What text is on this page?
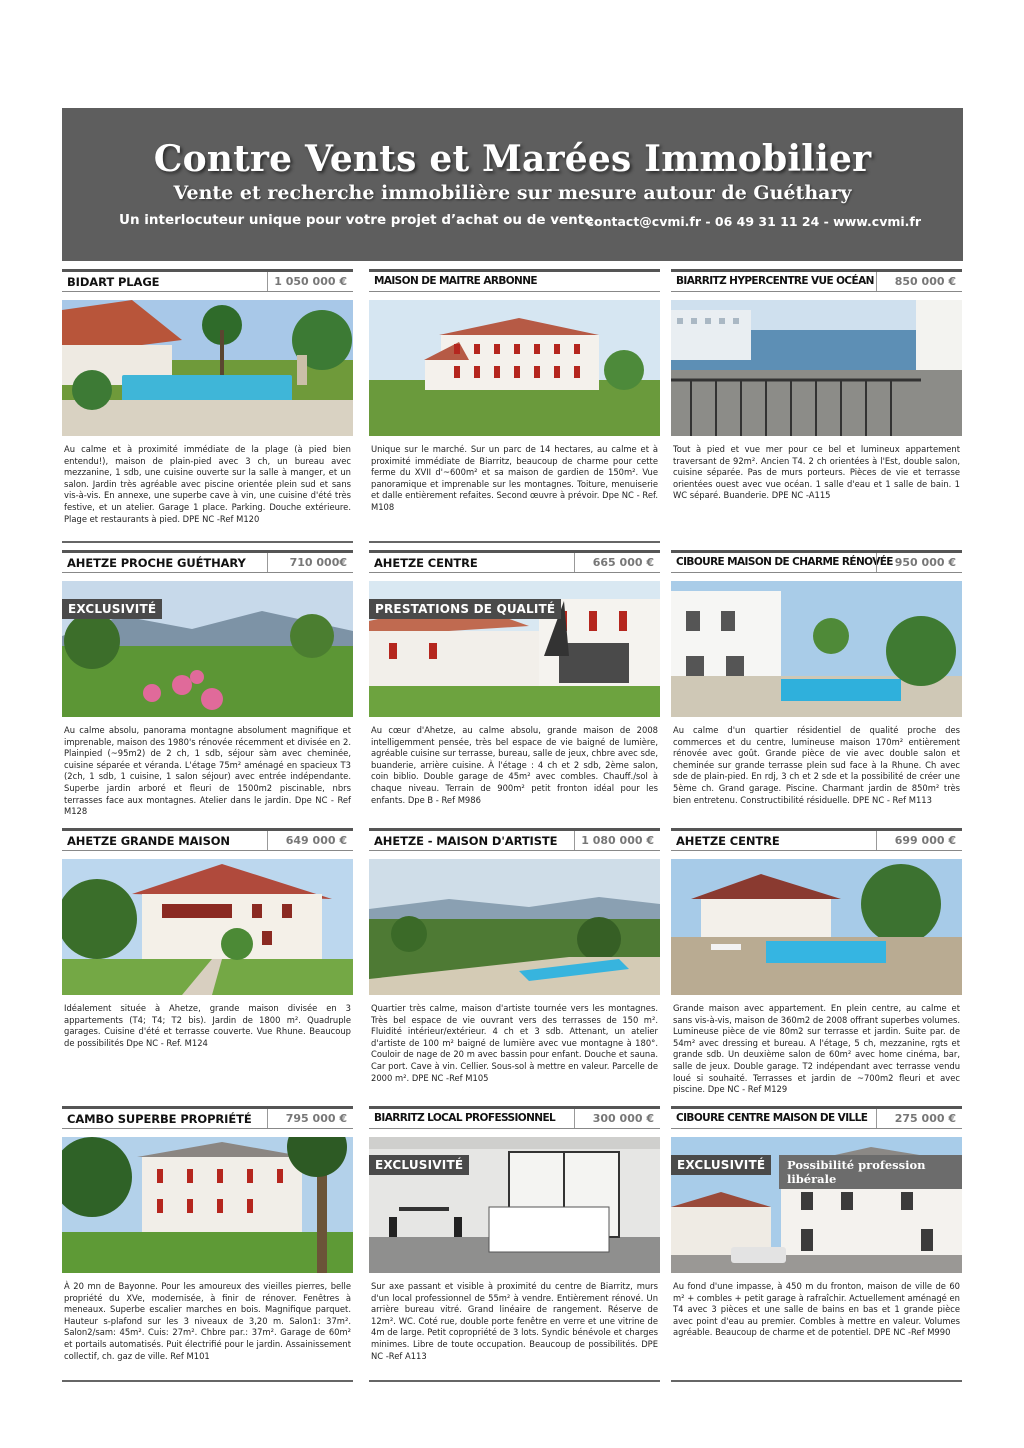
Contre Vents et Marées Immobilier
Vente et recherche immobilière sur mesure autour de Guéthary
Un interlocuteur unique pour votre projet d’achat ou de vente.
contact@cvmi.fr - 06 49 31 11 24 - www.cvmi.fr
BIDART PLAGE	1 050 000 €
Au calme et à proximité immédiate de la plage (à pied bien entendu!), maison de plain-pied avec 3 ch, un bureau avec mezzanine, 1 sdb, une cuisine ouverte sur la salle à manger, et un salon. Jardin très agréable avec piscine orientée plein sud et sans vis-à-vis. En annexe, une superbe cave à vin, une cuisine d'été très festive, et un atelier. Garage 1 place. Parking. Douche extérieure. Plage et restaurants à pied. DPE NC -Ref M120
MAISON DE MAITRE ARBONNE
Unique sur le marché. Sur un parc de 14 hectares, au calme et à proximité immédiate de Biarritz, beaucoup de charme pour cette ferme du XVII d'~600m² et sa maison de gardien de 150m². Vue panoramique et imprenable sur les montagnes. Toiture, menuiserie et dalle entièrement refaites. Second œuvre à prévoir. Dpe NC - Ref. M108
BIARRITZ HYPERCENTRE VUE OCÉAN	850 000 €
Tout à pied et vue mer pour ce bel et lumineux appartement traversant de 92m². Ancien T4. 2 ch orientées à l'Est, double salon, cuisine séparée. Pas de murs porteurs. Pièces de vie et terrasse orientées ouest avec vue océan. 1 salle d'eau et 1 salle de bain. 1 WC séparé. Buanderie. DPE NC -A115
AHETZE PROCHE GUÉTHARY	710 000€
EXCLUSIVITÉ
Au calme absolu, panorama montagne absolument magnifique et imprenable, maison des 1980's rénovée récemment et divisée en 2. Plainpied (~95m2) de 2 ch, 1 sdb, séjour sàm avec cheminée, cuisine séparée et véranda. L'étage 75m² aménagé en spacieux T3 (2ch, 1 sdb, 1 cuisine, 1 salon séjour) avec entrée indépendante. Superbe jardin arboré et fleuri de 1500m2 piscinable, nbrs terrasses face aux montagnes. Atelier dans le jardin. Dpe NC - Ref M128
AHETZE CENTRE	665 000 €
PRESTATIONS DE QUALITÉ
Au cœur d'Ahetze, au calme absolu, grande maison de 2008 intelligemment pensée, très bel espace de vie baigné de lumière, agréable cuisine sur terrasse, bureau, salle de jeux, chbre avec sde, buanderie, arrière cuisine. À l'étage : 4 ch et 2 sdb, 2ème salon, coin biblio. Double garage de 45m² avec combles. Chauff./sol à chaque niveau. Terrain de 900m² petit fronton idéal pour les enfants. Dpe B - Ref M986
CIBOURE MAISON DE CHARME RÉNOVÉE 950 000 €
Au calme d'un quartier résidentiel de qualité proche des commerces et du centre, lumineuse maison 170m² entièrement rénovée avec goût. Grande pièce de vie avec double salon et cheminée sur grande terrasse plein sud face à la Rhune. Ch avec sde de plain-pied. En rdj, 3 ch et 2 sde et la possibilité de créer une 5ème ch. Grand garage. Piscine. Charmant jardin de 850m² très bien entretenu. Constructibilité résiduelle. DPE NC - Ref M113
AHETZE GRANDE MAISON	649 000 €
Idéalement située à Ahetze, grande maison divisée en 3 appartements (T4; T4; T2 bis). Jardin de 1800 m². Quadruple garages. Cuisine d'été et terrasse couverte. Vue Rhune. Beaucoup de possibilités Dpe NC - Ref. M124
AHETZE - MAISON D'ARTISTE	1 080 000 €
Quartier très calme, maison d'artiste tournée vers les montagnes. Très bel espace de vie ouvrant vers des terrasses de 150 m². Fluidité intérieur/extérieur. 4 ch et 3 sdb. Attenant, un atelier d'artiste de 100 m² baigné de lumière avec vue montagne à 180°. Couloir de nage de 20 m avec bassin pour enfant. Douche et sauna. Car port. Cave à vin. Cellier. Sous-sol à mettre en valeur. Parcelle de 2000 m². DPE NC -Ref M105
AHETZE CENTRE	699 000 €
Grande maison avec appartement. En plein centre, au calme et sans vis-à-vis, maison de 360m2 de 2008 offrant superbes volumes. Lumineuse pièce de vie 80m2 sur terrasse et jardin. Suite par. de 54m² avec dressing et bureau. A l'étage, 5 ch, mezzanine, rgts et grande sdb. Un deuxième salon de 60m² avec home cinéma, bar, salle de jeux. Double garage. T2 indépendant avec terrasse vendu loué si souhaité. Terrasses et jardin de ~700m2 fleuri et avec piscine. Dpe NC - Ref M129
CAMBO SUPERBE PROPRIÉTÉ	795 000 €
À 20 mn de Bayonne. Pour les amoureux des vieilles pierres, belle propriété du XVe, modernisée, à finir de rénover. Fenêtres à meneaux. Superbe escalier marches en bois. Magnifique parquet. Hauteur s-plafond sur les 3 niveaux de 3,20 m. Salon1: 37m². Salon2/sam: 45m². Cuis: 27m². Chbre par.: 37m². Garage de 60m² et portails automatisés. Puit électrifié pour le jardin. Assainissement collectif, ch. gaz de ville. Ref M101
BIARRITZ LOCAL PROFESSIONNEL	300 000 €
EXCLUSIVITÉ
Sur axe passant et visible à proximité du centre de Biarritz, murs d'un local professionnel de 55m² à vendre. Entièrement rénové. Un arrière bureau vitré. Grand linéaire de rangement. Réserve de 12m². WC. Coté rue, double porte fenêtre en verre et une vitrine de 4m de large. Petit copropriété de 3 lots. Syndic bénévole et charges minimes. Libre de toute occupation. Beaucoup de possibilités. DPE NC -Ref A113
CIBOURE CENTRE MAISON DE VILLE	275 000 €
EXCLUSIVITÉ	Possibilité profession libérale
Au fond d'une impasse, à 450 m du fronton, maison de ville de 60 m² + combles + petit garage à rafraîchir. Actuellement aménagé en T4 avec 3 pièces et une salle de bains en bas et 1 grande pièce avec point d'eau au premier. Combles à mettre en valeur. Volumes agréable. Beaucoup de charme et de potentiel. DPE NC -Ref M990
